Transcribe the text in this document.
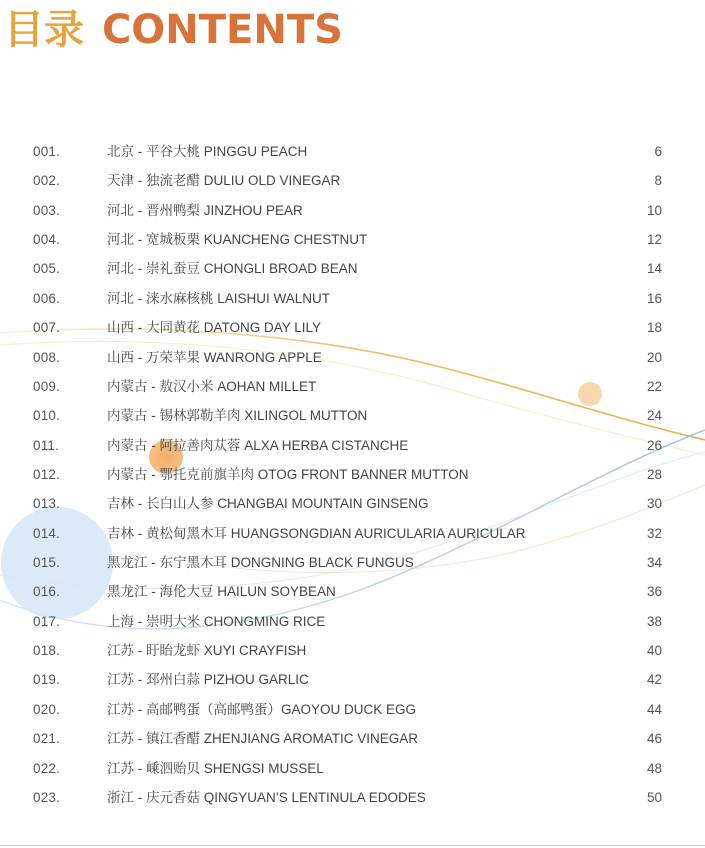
目录 CONTENTS
001.	北京 - 平谷大桃 PINGGU PEACH	6
002.	天津 - 独流老醋 DULIU OLD VINEGAR	8
003.	河北 - 晋州鸭梨 JINZHOU PEAR	10
004.	河北 - 宽城板栗 KUANCHENG CHESTNUT	12
005.	河北 - 崇礼蚕豆 CHONGLI BROAD BEAN	14
006.	河北 - 涞水麻核桃 LAISHUI WALNUT	16
007.	山西 - 大同黄花 DATONG DAY LILY	18
008.	山西 - 万荣苹果 WANRONG APPLE	20
009.	内蒙古 - 敖汉小米 AOHAN MILLET	22
010.	内蒙古 - 锡林郭勒羊肉 XILINGOL MUTTON	24
011.	内蒙古 - 阿拉善肉苁蓉 ALXA HERBA CISTANCHE	26
012.	内蒙古 - 鄂托克前旗羊肉 OTOG FRONT BANNER MUTTON	28
013.	吉林 - 长白山人参 CHANGBAI MOUNTAIN GINSENG	30
014.	吉林 - 黄松甸黑木耳 HUANGSONGDIAN AURICULARIA AURICULAR	32
015.	黑龙江 - 东宁黑木耳 DONGNING BLACK FUNGUS	34
016.	黑龙江 - 海伦大豆 HAILUN SOYBEAN	36
017.	上海 - 崇明大米 CHONGMING RICE	38
018.	江苏 - 盱眙龙虾 XUYI CRAYFISH	40
019.	江苏 - 邳州白蒜 PIZHOU GARLIC	42
020.	江苏 - 高邮鸭蛋（高邮鸭蛋）GAOYOU DUCK EGG	44
021.	江苏 - 镇江香醋 ZHENJIANG AROMATIC VINEGAR	46
022.	江苏 - 嵊泗贻贝 SHENGSI MUSSEL	48
023.	浙江 - 庆元香菇 QINGYUAN’S LENTINULA EDODES	50
